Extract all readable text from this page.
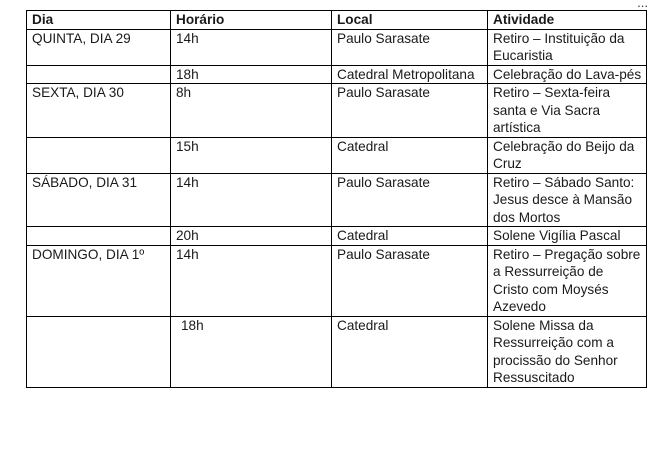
...
Dia	Horário	Local	Atividade
QUINTA, DIA 29	14h	Paulo Sarasate	Retiro – Instituição da Eucaristia
	18h	Catedral Metropolitana	Celebração do Lava-pés
SEXTA, DIA 30	8h	Paulo Sarasate	Retiro – Sexta-feira santa e Via Sacra artística
	15h	Catedral	Celebração do Beijo da Cruz
SÁBADO, DIA 31	14h	Paulo Sarasate	Retiro – Sábado Santo: Jesus desce à Mansão dos Mortos
	20h	Catedral	Solene Vigília Pascal
DOMINGO, DIA 1º	14h	Paulo Sarasate	Retiro – Pregação sobre a Ressurreição de Cristo com Moysés Azevedo
	18h	Catedral	Solene Missa da Ressurreição com a procissão do Senhor Ressuscitado
